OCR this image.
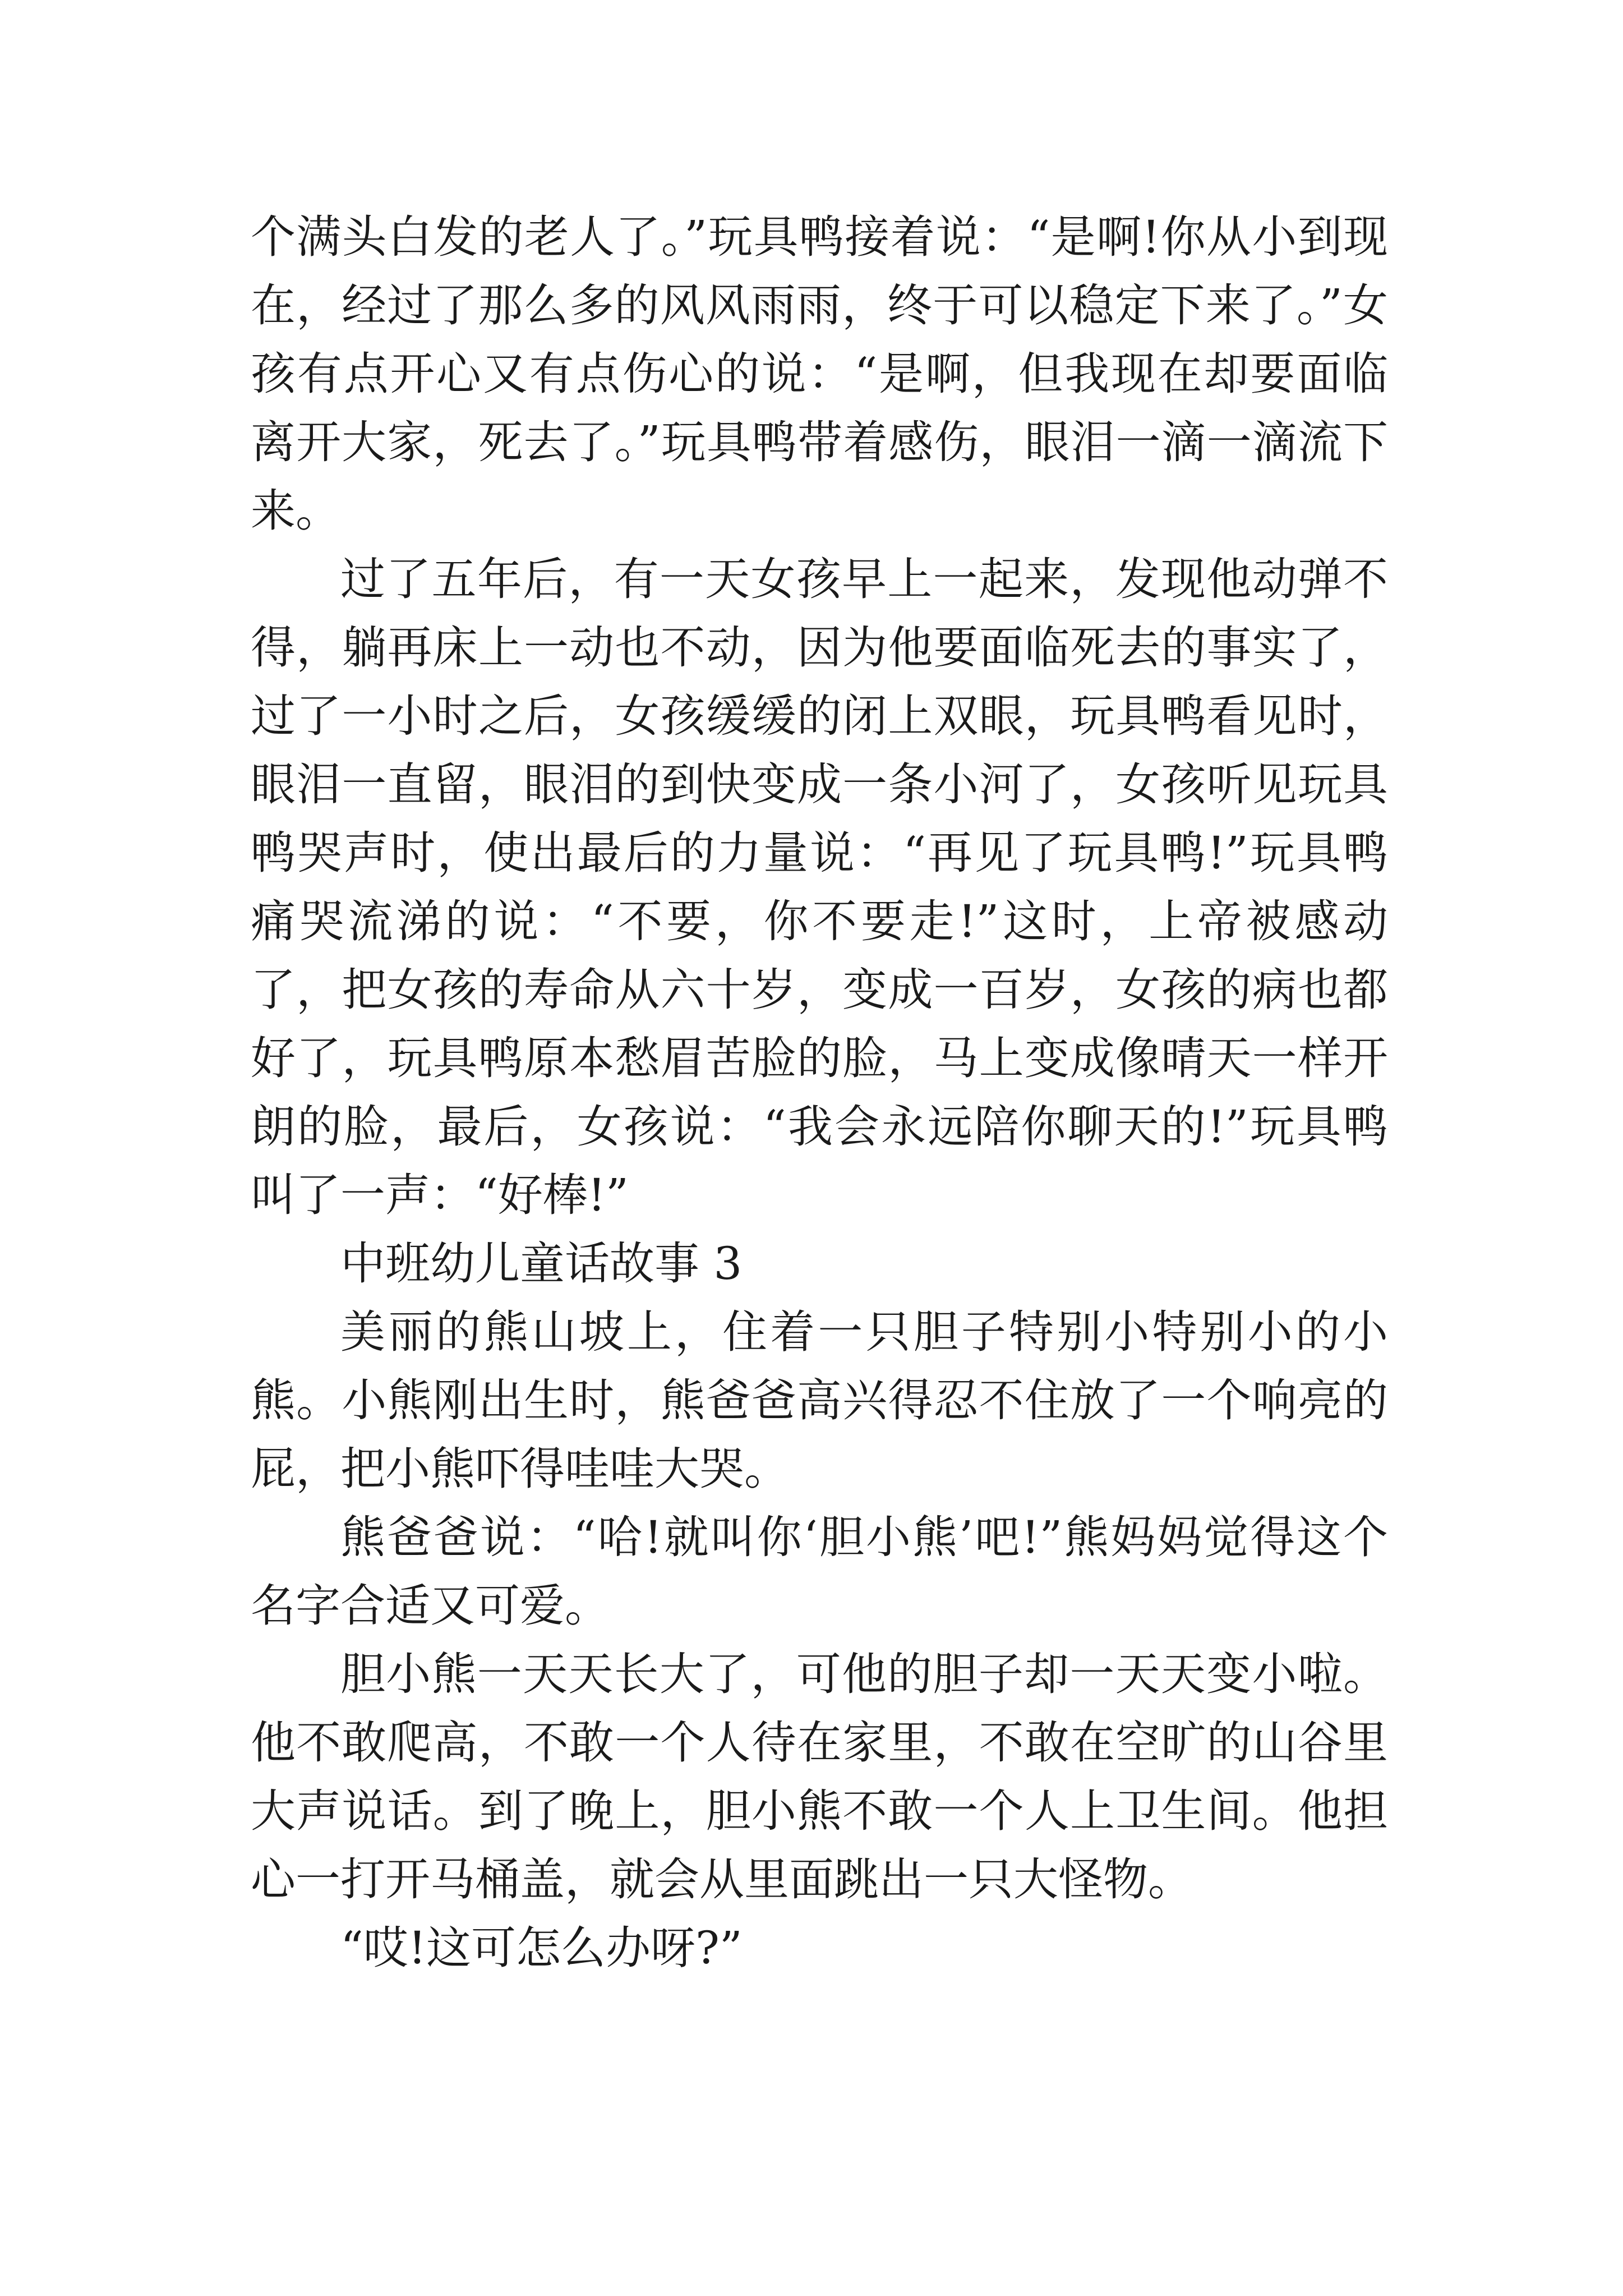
个满头白发的老人了。”玩具鸭接着说：“是啊!你从小到现在，经过了那么多的风风雨雨，终于可以稳定下来了。”女孩有点开心又有点伤心的说：“是啊，但我现在却要面临离开大家，死去了。”玩具鸭带着感伤，眼泪一滴一滴流下来。

过了五年后，有一天女孩早上一起来，发现他动弹不得，躺再床上一动也不动，因为他要面临死去的事实了，过了一小时之后，女孩缓缓的闭上双眼，玩具鸭看见时，眼泪一直留，眼泪的到快变成一条小河了，女孩听见玩具鸭哭声时，使出最后的力量说：“再见了玩具鸭!”玩具鸭痛哭流涕的说：“不要，你不要走!”这时，上帝被感动了，把女孩的寿命从六十岁，变成一百岁，女孩的病也都好了，玩具鸭原本愁眉苦脸的脸，马上变成像晴天一样开朗的脸，最后，女孩说：“我会永远陪你聊天的!”玩具鸭叫了一声：“好棒!”

中班幼儿童话故事 3

美丽的熊山坡上，住着一只胆子特别小特别小的小熊。小熊刚出生时，熊爸爸高兴得忍不住放了一个响亮的屁，把小熊吓得哇哇大哭。

熊爸爸说：“哈!就叫你‘胆小熊’吧!”熊妈妈觉得这个名字合适又可爱。

胆小熊一天天长大了，可他的胆子却一天天变小啦。他不敢爬高，不敢一个人待在家里，不敢在空旷的山谷里大声说话。到了晚上，胆小熊不敢一个人上卫生间。他担心一打开马桶盖，就会从里面跳出一只大怪物。

“哎!这可怎么办呀?”
